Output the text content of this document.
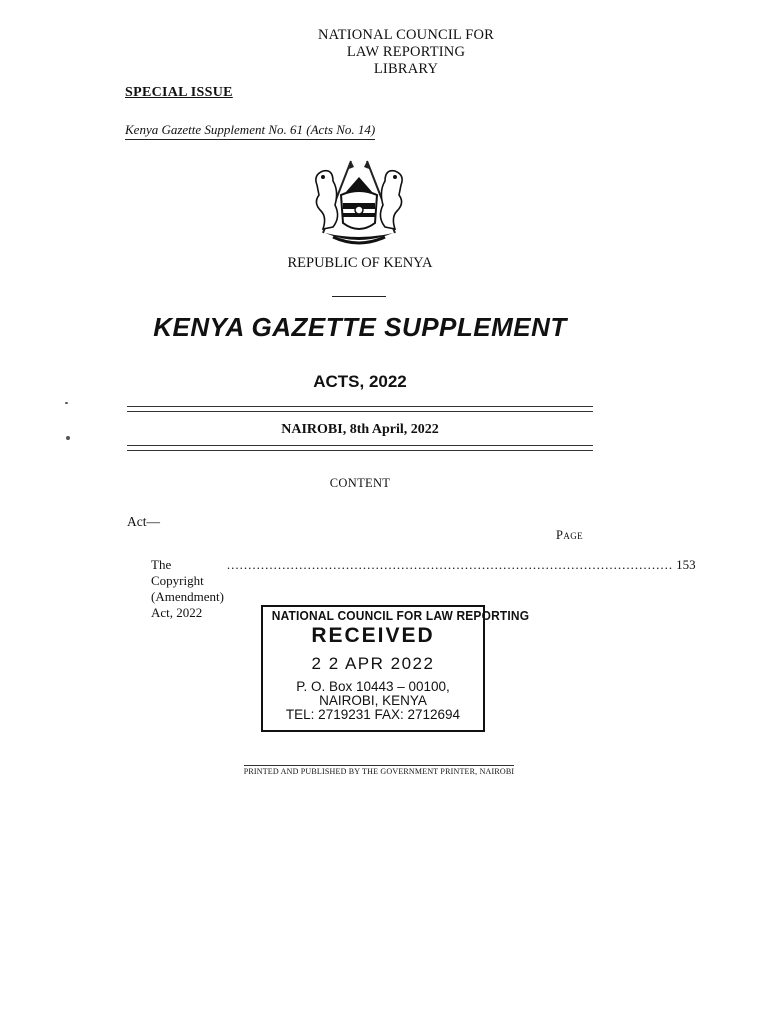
NATIONAL COUNCIL FOR
LAW REPORTING
LIBRARY
SPECIAL ISSUE
Kenya Gazette Supplement No. 61 (Acts No. 14)
REPUBLIC OF KENYA
KENYA GAZETTE SUPPLEMENT
ACTS, 2022
NAIROBI, 8th April, 2022
CONTENT
Act—
Page
The Copyright (Amendment) Act, 2022
......................................................................................................... 153
NATIONAL COUNCIL FOR LAW REPORTING
RECEIVED
2 2 APR 2022
P. O. Box 10443 – 00100,
NAIROBI, KENYA
TEL: 2719231 FAX: 2712694
PRINTED AND PUBLISHED BY THE GOVERNMENT PRINTER, NAIROBI
